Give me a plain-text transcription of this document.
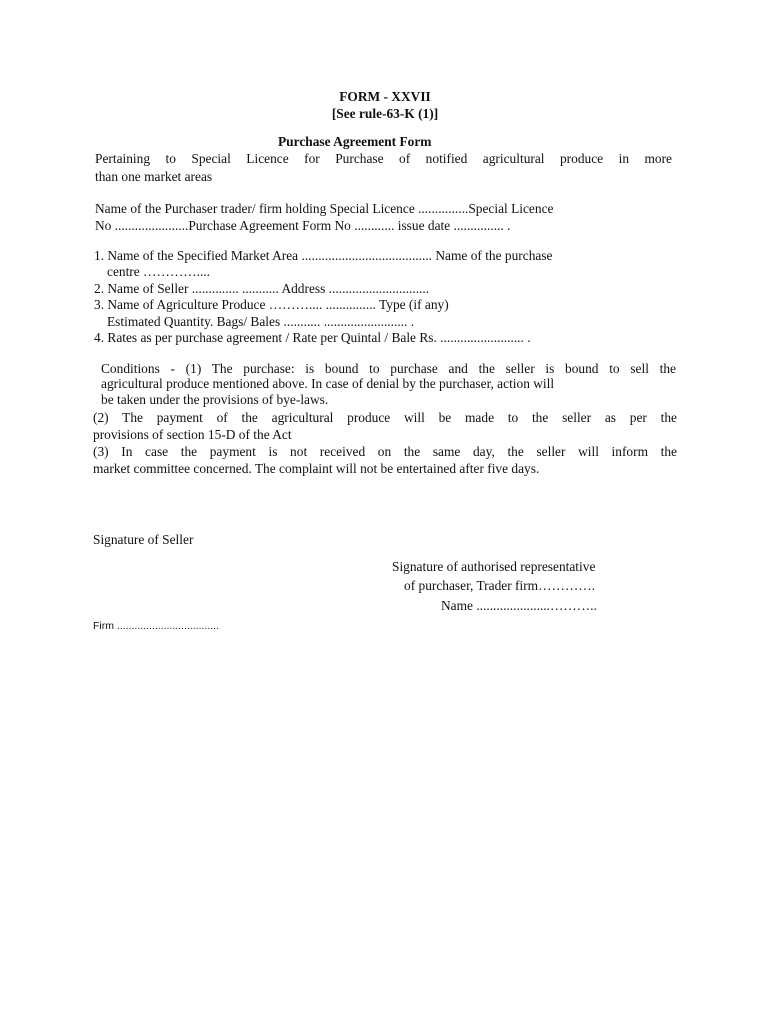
FORM - XXVII
[See rule-63-K (1)]
Purchase Agreement Form
Pertaining to Special Licence for Purchase of notified agricultural produce in more
than one market areas
Name of the Purchaser trader/ firm holding Special Licence ...............Special Licence
No ......................Purchase Agreement Form No ............ issue date ............... .
1. Name of the Specified Market Area ....................................... Name of the purchase
centre …………....
2. Name of Seller .............. ........... Address ..............................
3. Name of Agriculture Produce ……….... ............... Type (if any)
Estimated Quantity. Bags/ Bales ........... ......................... .
4. Rates as per purchase agreement / Rate per Quintal / Bale Rs. ......................... .
Conditions - (1) The purchase: is bound to purchase and the seller is bound to sell the
agricultural produce mentioned above. In case of denial by the purchaser, action will
be taken under the provisions of bye-laws.
(2) The payment of the agricultural produce will be made to the seller as per the
provisions of section 15-D of the Act
(3) In case the payment is not received on the same day, the seller will inform the
market committee concerned. The complaint will not be entertained after five days.
Signature of Seller
Signature of authorised representative
of purchaser, Trader firm………….
Name ......................………..
Firm ...................................
